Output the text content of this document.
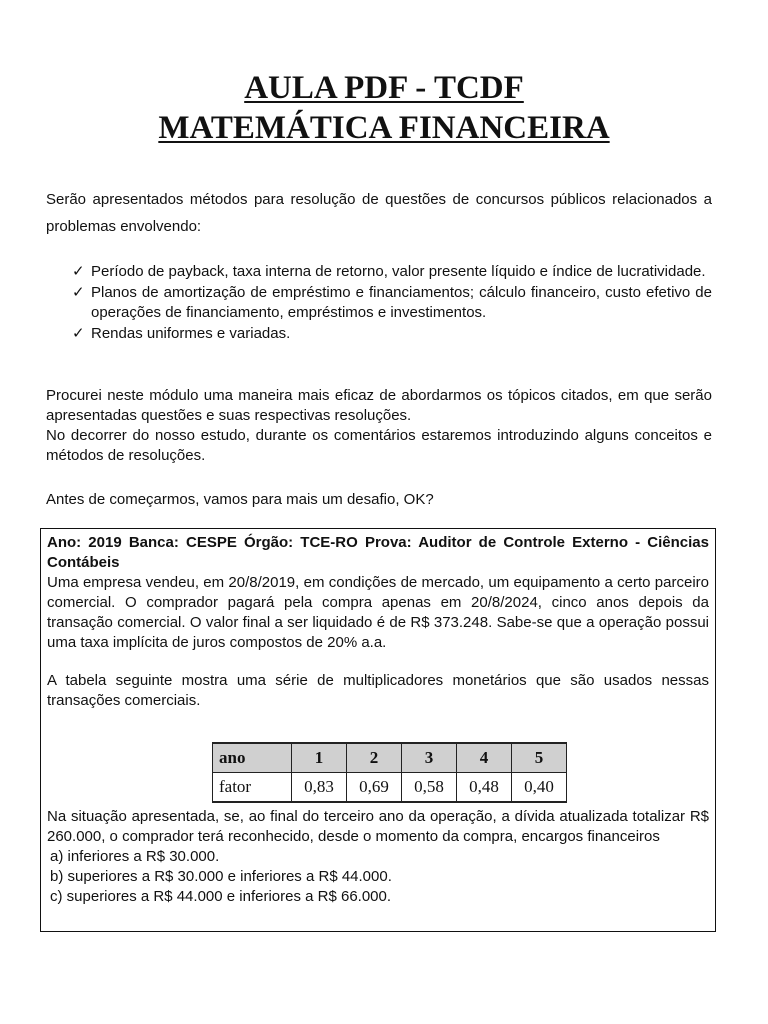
AULA PDF - TCDF
MATEMÁTICA FINANCEIRA
Serão apresentados métodos para resolução de questões de concursos públicos relacionados a problemas envolvendo:
✓ Período de payback, taxa interna de retorno, valor presente líquido e índice de lucratividade.
✓ Planos de amortização de empréstimo e financiamentos; cálculo financeiro, custo efetivo de operações de financiamento, empréstimos e investimentos.
✓ Rendas uniformes e variadas.
Procurei neste módulo uma maneira mais eficaz de abordarmos os tópicos citados, em que serão apresentadas questões e suas respectivas resoluções.
No decorrer do nosso estudo, durante os comentários estaremos introduzindo alguns conceitos e métodos de resoluções.
Antes de começarmos, vamos para mais um desafio, OK?

Ano: 2019 Banca: CESPE Órgão: TCE-RO Prova: Auditor de Controle Externo - Ciências Contábeis

Uma empresa vendeu, em 20/8/2019, em condições de mercado, um equipamento a certo parceiro comercial. O comprador pagará pela compra apenas em 20/8/2024, cinco anos depois da transação comercial. O valor final a ser liquidado é de R$ 373.248. Sabe-se que a operação possui uma taxa implícita de juros compostos de 20% a.a.

A tabela seguinte mostra uma série de multiplicadores monetários que são usados nessas transações comerciais.

ano	1	2	3	4	5
fator	0,83	0,69	0,58	0,48	0,40

Na situação apresentada, se, ao final do terceiro ano da operação, a dívida atualizada totalizar R$ 260.000, o comprador terá reconhecido, desde o momento da compra, encargos financeiros

a) inferiores a R$ 30.000.

b) superiores a R$ 30.000 e inferiores a R$ 44.000.

c) superiores a R$ 44.000 e inferiores a R$ 66.000.
